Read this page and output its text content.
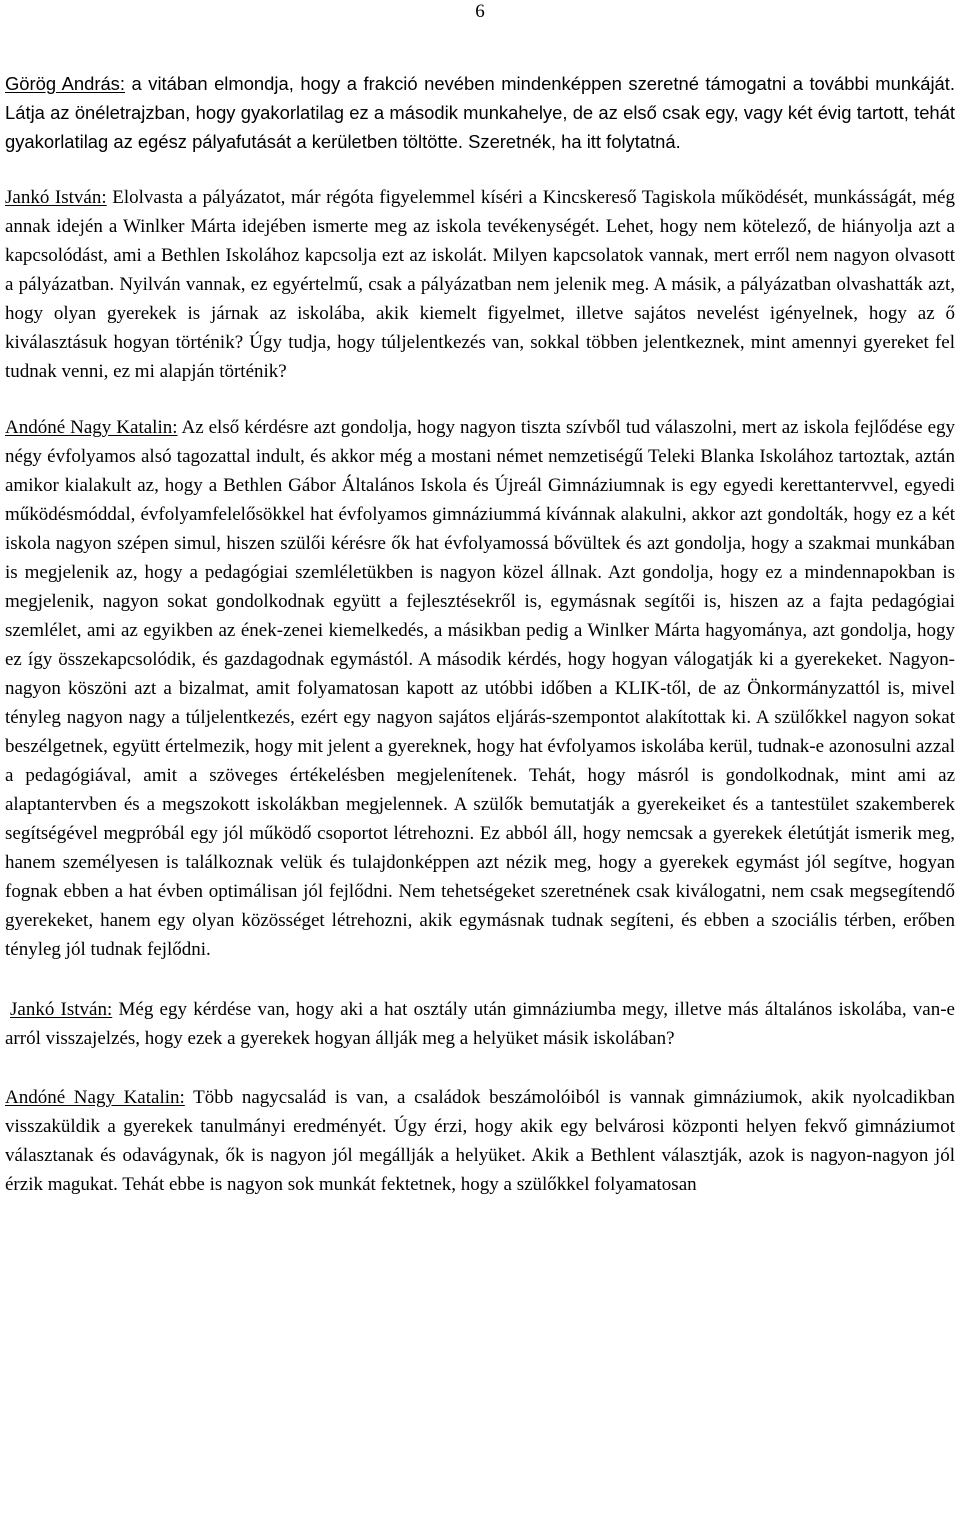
6

Görög András: a vitában elmondja, hogy a frakció nevében mindenképpen szeretné támogatni a további munkáját. Látja az önéletrajzban, hogy gyakorlatilag ez a második munkahelye, de az első csak egy, vagy két évig tartott, tehát gyakorlatilag az egész pályafutását a kerületben töltötte. Szeretnék, ha itt folytatná.

Jankó István: Elolvasta a pályázatot, már régóta figyelemmel kíséri a Kincskereső Tagiskola működését, munkásságát, még annak idején a Winlker Márta idejében ismerte meg az iskola tevékenységét. Lehet, hogy nem kötelező, de hiányolja azt a kapcsolódást, ami a Bethlen Iskolához kapcsolja ezt az iskolát. Milyen kapcsolatok vannak, mert erről nem nagyon olvasott a pályázatban. Nyilván vannak, ez egyértelmű, csak a pályázatban nem jelenik meg. A másik, a pályázatban olvashatták azt, hogy olyan gyerekek is járnak az iskolába, akik kiemelt figyelmet, illetve sajátos nevelést igényelnek, hogy az ő kiválasztásuk hogyan történik? Úgy tudja, hogy túljelentkezés van, sokkal többen jelentkeznek, mint amennyi gyereket fel tudnak venni, ez mi alapján történik?

Andóné Nagy Katalin: Az első kérdésre azt gondolja, hogy nagyon tiszta szívből tud válaszolni, mert az iskola fejlődése egy négy évfolyamos alsó tagozattal indult, és akkor még a mostani német nemzetiségű Teleki Blanka Iskolához tartoztak, aztán amikor kialakult az, hogy a Bethlen Gábor Általános Iskola és Újreál Gimnáziumnak is egy egyedi kerettantervvel, egyedi működésmóddal, évfolyamfelelősökkel hat évfolyamos gimnáziummá kívánnak alakulni, akkor azt gondolták, hogy ez a két iskola nagyon szépen simul, hiszen szülői kérésre ők hat évfolyamossá bővültek és azt gondolja, hogy a szakmai munkában is megjelenik az, hogy a pedagógiai szemléletükben is nagyon közel állnak. Azt gondolja, hogy ez a mindennapokban is megjelenik, nagyon sokat gondolkodnak együtt a fejlesztésekről is, egymásnak segítői is, hiszen az a fajta pedagógiai szemlélet, ami az egyikben az ének-zenei kiemelkedés, a másikban pedig a Winlker Márta hagyománya, azt gondolja, hogy ez így összekapcsolódik, és gazdagodnak egymástól. A második kérdés, hogy hogyan válogatják ki a gyerekeket. Nagyon-nagyon köszöni azt a bizalmat, amit folyamatosan kapott az utóbbi időben a KLIK-től, de az Önkormányzattól is, mivel tényleg nagyon nagy a túljelentkezés, ezért egy nagyon sajátos eljárás-szempontot alakítottak ki. A szülőkkel nagyon sokat beszélgetnek, együtt értelmezik, hogy mit jelent a gyereknek, hogy hat évfolyamos iskolába kerül, tudnak-e azonosulni azzal a pedagógiával, amit a szöveges értékelésben megjelenítenek. Tehát, hogy másról is gondolkodnak, mint ami az alaptantervben és a megszokott iskolákban megjelennek. A szülők bemutatják a gyerekeiket és a tantestület szakemberek segítségével megpróbál egy jól működő csoportot létrehozni. Ez abból áll, hogy nemcsak a gyerekek életútját ismerik meg, hanem személyesen is találkoznak velük és tulajdonképpen azt nézik meg, hogy a gyerekek egymást jól segítve, hogyan fognak ebben a hat évben optimálisan jól fejlődni. Nem tehetségeket szeretnének csak kiválogatni, nem csak megsegítendő gyerekeket, hanem egy olyan közösséget létrehozni, akik egymásnak tudnak segíteni, és ebben a szociális térben, erőben tényleg jól tudnak fejlődni.

Jankó István: Még egy kérdése van, hogy aki a hat osztály után gimnáziumba megy, illetve más általános iskolába, van-e arról visszajelzés, hogy ezek a gyerekek hogyan állják meg a helyüket másik iskolában?

Andóné Nagy Katalin: Több nagycsalád is van, a családok beszámolóiból is vannak gimnáziumok, akik nyolcadikban visszaküldik a gyerekek tanulmányi eredményét. Úgy érzi, hogy akik egy belvárosi központi helyen fekvő gimnáziumot választanak és odavágynak, ők is nagyon jól megállják a helyüket. Akik a Bethlent választják, azok is nagyon-nagyon jól érzik magukat. Tehát ebbe is nagyon sok munkát fektetnek, hogy a szülőkkel folyamatosan
